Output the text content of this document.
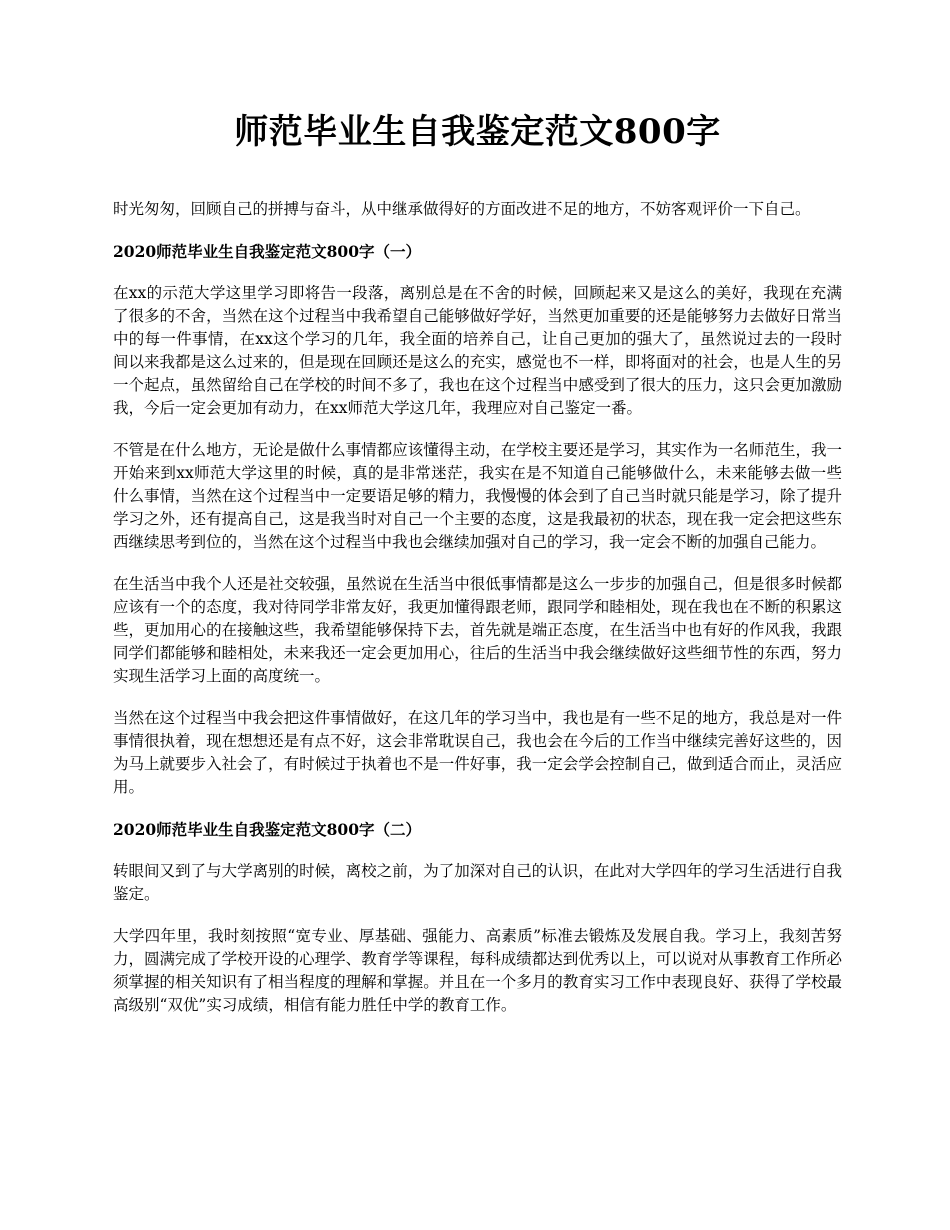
师范毕业生自我鉴定范文800字

时光匆匆，回顾自己的拼搏与奋斗，从中继承做得好的方面改进不足的地方，不妨客观评价一下自己。

2020师范毕业生自我鉴定范文800字（一）

在xx的示范大学这里学习即将告一段落，离别总是在不舍的时候，回顾起来又是这么的美好，我现在充满了很多的不舍，当然在这个过程当中我希望自己能够做好学好，当然更加重要的还是能够努力去做好日常当中的每一件事情，在xx这个学习的几年，我全面的培养自己，让自己更加的强大了，虽然说过去的一段时间以来我都是这么过来的，但是现在回顾还是这么的充实，感觉也不一样，即将面对的社会，也是人生的另一个起点，虽然留给自己在学校的时间不多了，我也在这个过程当中感受到了很大的压力，这只会更加激励我，今后一定会更加有动力，在xx师范大学这几年，我理应对自己鉴定一番。

不管是在什么地方，无论是做什么事情都应该懂得主动，在学校主要还是学习，其实作为一名师范生，我一开始来到xx师范大学这里的时候，真的是非常迷茫，我实在是不知道自己能够做什么，未来能够去做一些什么事情，当然在这个过程当中一定要语足够的精力，我慢慢的体会到了自己当时就只能是学习，除了提升学习之外，还有提高自己，这是我当时对自己一个主要的态度，这是我最初的状态，现在我一定会把这些东西继续思考到位的，当然在这个过程当中我也会继续加强对自己的学习，我一定会不断的加强自己能力。

在生活当中我个人还是社交较强，虽然说在生活当中很低事情都是这么一步步的加强自己，但是很多时候都应该有一个的态度，我对待同学非常友好，我更加懂得跟老师，跟同学和睦相处，现在我也在不断的积累这些，更加用心的在接触这些，我希望能够保持下去，首先就是端正态度，在生活当中也有好的作风我，我跟同学们都能够和睦相处，未来我还一定会更加用心，往后的生活当中我会继续做好这些细节性的东西，努力实现生活学习上面的高度统一。

当然在这个过程当中我会把这件事情做好，在这几年的学习当中，我也是有一些不足的地方，我总是对一件事情很执着，现在想想还是有点不好，这会非常耽误自己，我也会在今后的工作当中继续完善好这些的，因为马上就要步入社会了，有时候过于执着也不是一件好事，我一定会学会控制自己，做到适合而止，灵活应用。

2020师范毕业生自我鉴定范文800字（二）

转眼间又到了与大学离别的时候，离校之前，为了加深对自己的认识，在此对大学四年的学习生活进行自我鉴定。

大学四年里，我时刻按照“宽专业、厚基础、强能力、高素质”标准去锻炼及发展自我。学习上，我刻苦努力，圆满完成了学校开设的心理学、教育学等课程，每科成绩都达到优秀以上，可以说对从事教育工作所必须掌握的相关知识有了相当程度的理解和掌握。并且在一个多月的教育实习工作中表现良好、获得了学校最高级别“双优”实习成绩，相信有能力胜任中学的教育工作。
